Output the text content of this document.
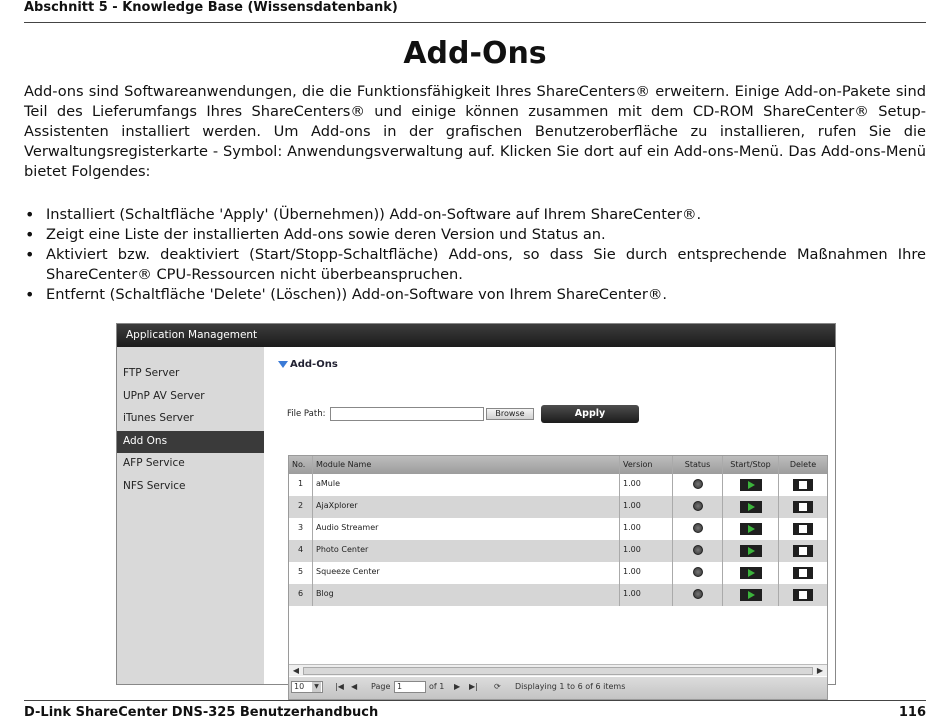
Abschnitt 5 - Knowledge Base (Wissensdatenbank)
Add-Ons

Add-ons sind Softwareanwendungen, die die Funktionsfähigkeit Ihres ShareCenters® erweitern. Einige Add-on-Pakete sind Teil des Lieferumfangs Ihres ShareCenters® und einige können zusammen mit dem CD-ROM ShareCenter® Setup-Assistenten installiert werden. Um Add-ons in der grafischen Benutzeroberfläche zu installieren, rufen Sie die Verwaltungsregisterkarte - Symbol: Anwendungsverwaltung auf. Klicken Sie dort auf ein Add-ons-Menü. Das Add-ons-Menü bietet Folgendes:

• Installiert (Schaltfläche 'Apply' (Übernehmen)) Add-on-Software auf Ihrem ShareCenter®.
• Zeigt eine Liste der installierten Add-ons sowie deren Version und Status an.
• Aktiviert bzw. deaktiviert (Start/Stopp-Schaltfläche) Add-ons, so dass Sie durch entsprechende Maßnahmen Ihre ShareCenter® CPU-Ressourcen nicht überbeanspruchen.
• Entfernt (Schaltfläche 'Delete' (Löschen)) Add-on-Software von Ihrem ShareCenter®.
Application Management
FTP Server
UPnP AV Server
iTunes Server
Add Ons
AFP Service
NFS Service
Add-Ons
File Path:	Browse	Apply
No.	Module Name	Version	Status	Start/Stop	Delete
1	aMule	1.00
2	AjaXplorer	1.00
3	Audio Streamer	1.00
4	Photo Center	1.00
5	Squeeze Center	1.00
6	Blog	1.00
◀	▶
10	▼ |◀ ◀ Page 1	of 1 ▶ ▶| ⟳ Displaying 1 to 6 of 6 items
D-Link ShareCenter DNS-325 Benutzerhandbuch	116
